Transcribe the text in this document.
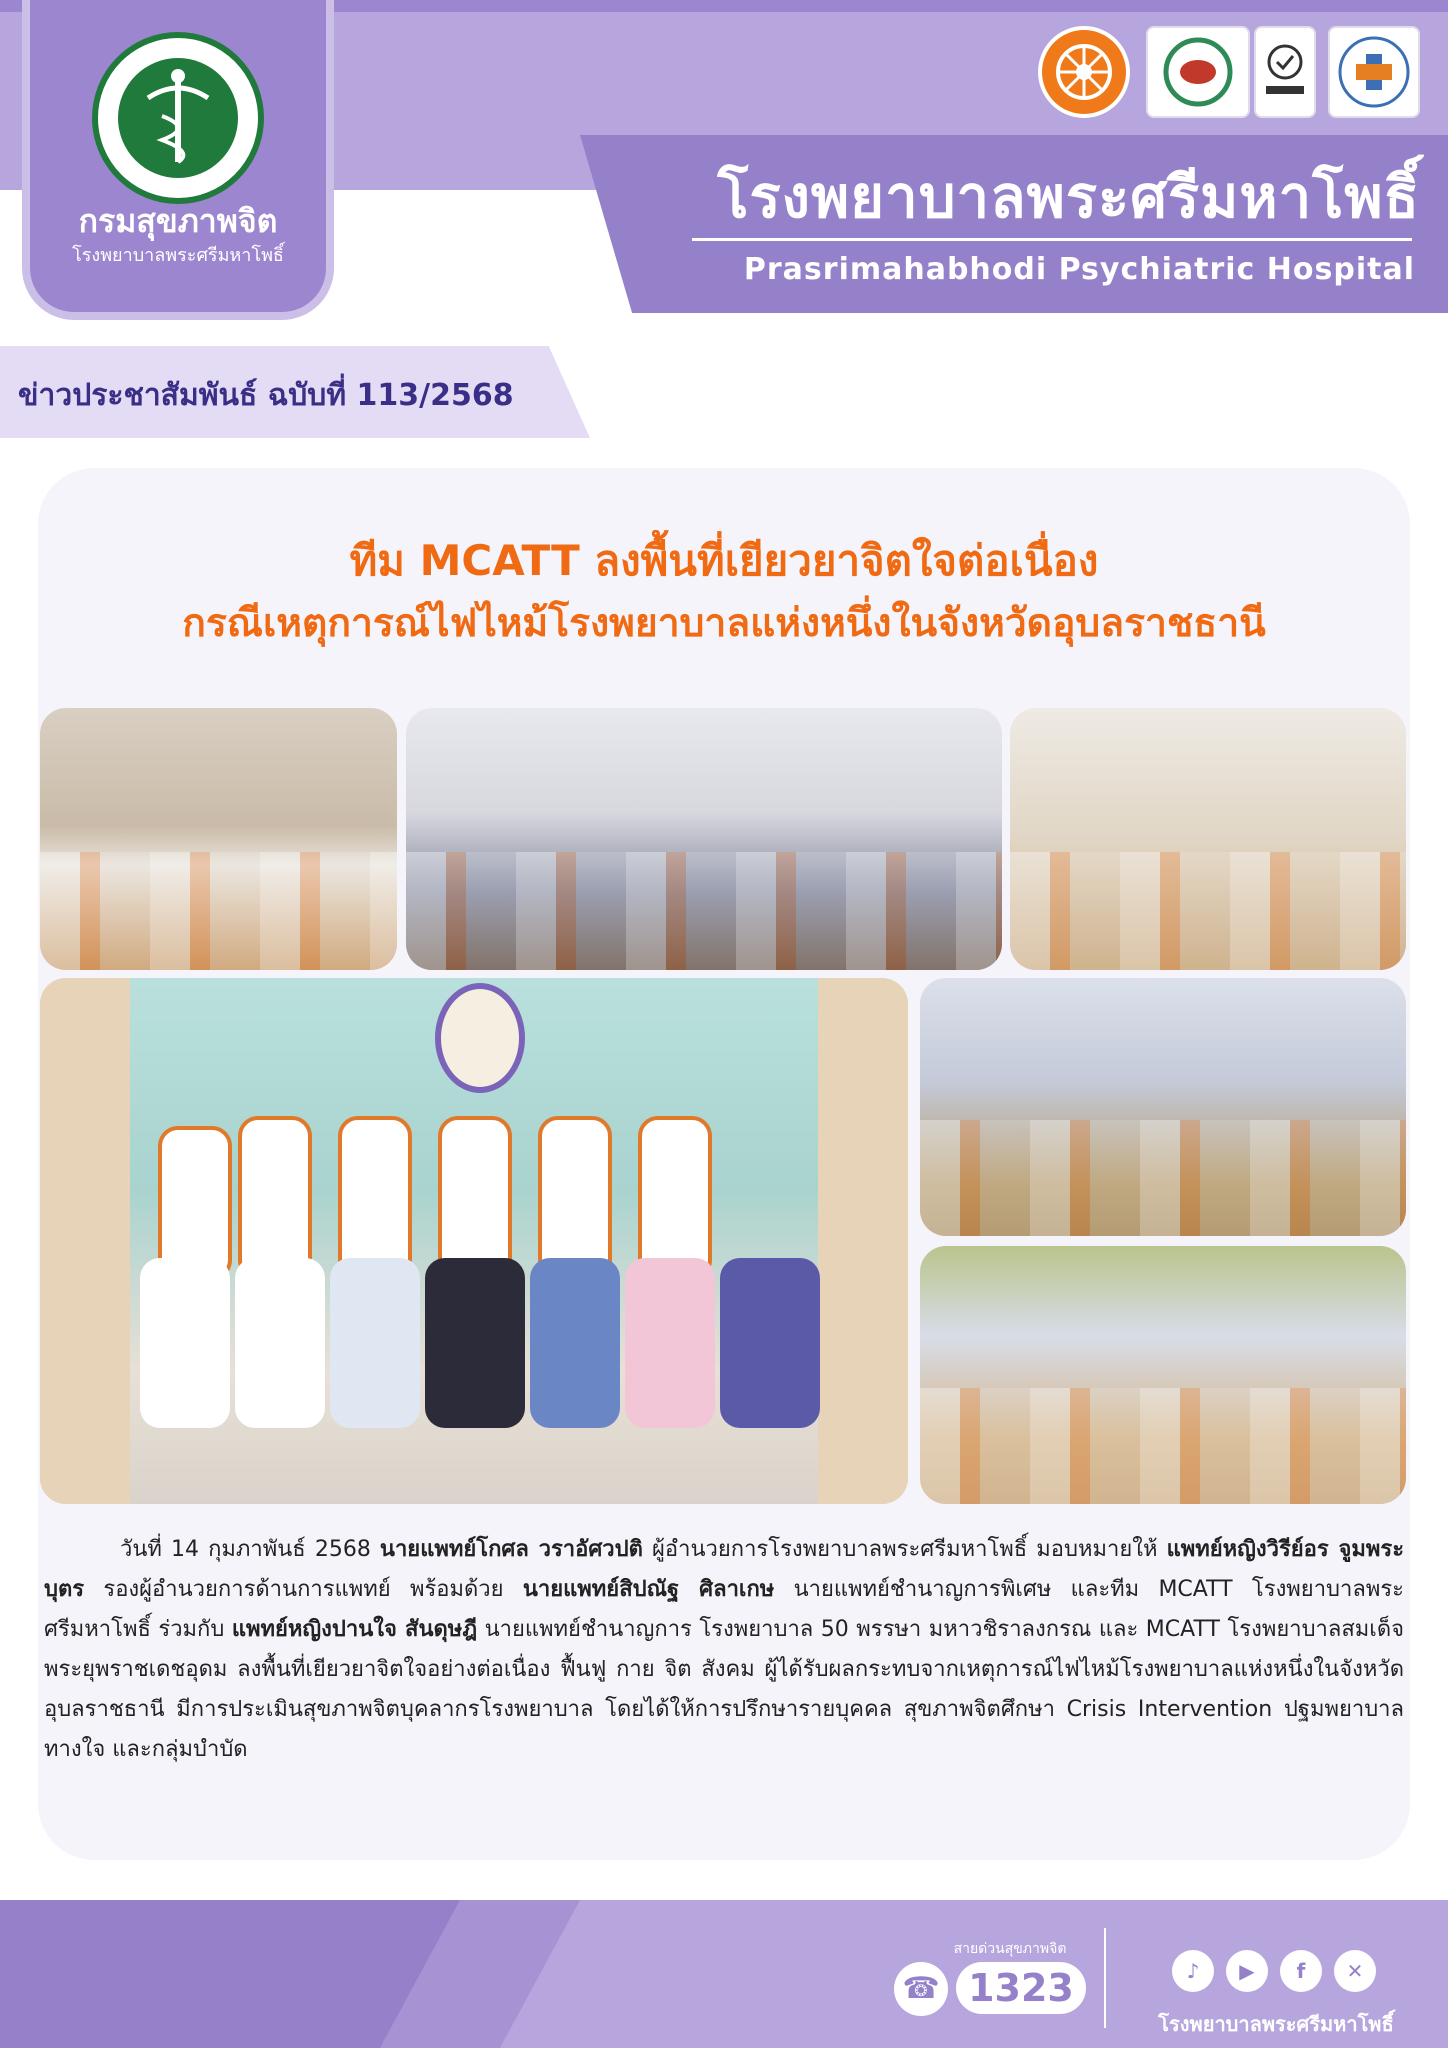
โรงพยาบาลพระศรีมหาโพธิ์
Prasrimahabhodi Psychiatric Hospital
กรมสุขภาพจิต
โรงพยาบาลพระศรีมหาโพธิ์
ข่าวประชาสัมพันธ์ ฉบับที่ 113/2568
ทีม MCATT ลงพื้นที่เยียวยาจิตใจต่อเนื่อง
กรณีเหตุการณ์ไฟไหม้โรงพยาบาลแห่งหนึ่งในจังหวัดอุบลราชธานี
วันที่ 14 กุมภาพันธ์ 2568 นายแพทย์โกศล วราอัศวปติ ผู้อำนวยการโรงพยาบาลพระศรีมหาโพธิ์ มอบหมายให้ แพทย์หญิงวิรีย์อร จูมพระบุตร รองผู้อำนวยการด้านการแพทย์ พร้อมด้วย นายแพทย์สิปณัฐ ศิลาเกษ นายแพทย์ชำนาญการพิเศษ และทีม MCATT โรงพยาบาลพระศรีมหาโพธิ์ ร่วมกับ แพทย์หญิงปานใจ สันดุษฎี นายแพทย์ชำนาญการ โรงพยาบาล 50 พรรษา มหาวชิราลงกรณ และ MCATT โรงพยาบาลสมเด็จพระยุพราชเดชอุดม ลงพื้นที่เยียวยาจิตใจอย่างต่อเนื่อง ฟื้นฟู กาย จิต สังคม ผู้ได้รับผลกระทบจากเหตุการณ์ไฟไหม้โรงพยาบาลแห่งหนึ่งในจังหวัดอุบลราชธานี มีการประเมินสุขภาพจิตบุคลากรโรงพยาบาล โดยได้ให้การปรึกษารายบุคคล สุขภาพจิตศึกษา Crisis Intervention ปฐมพยาบาลทางใจ และกลุ่มบำบัด
สายด่วนสุขภาพจิต
☎ 1323	♪	▶	f	✕
โรงพยาบาลพระศรีมหาโพธิ์
